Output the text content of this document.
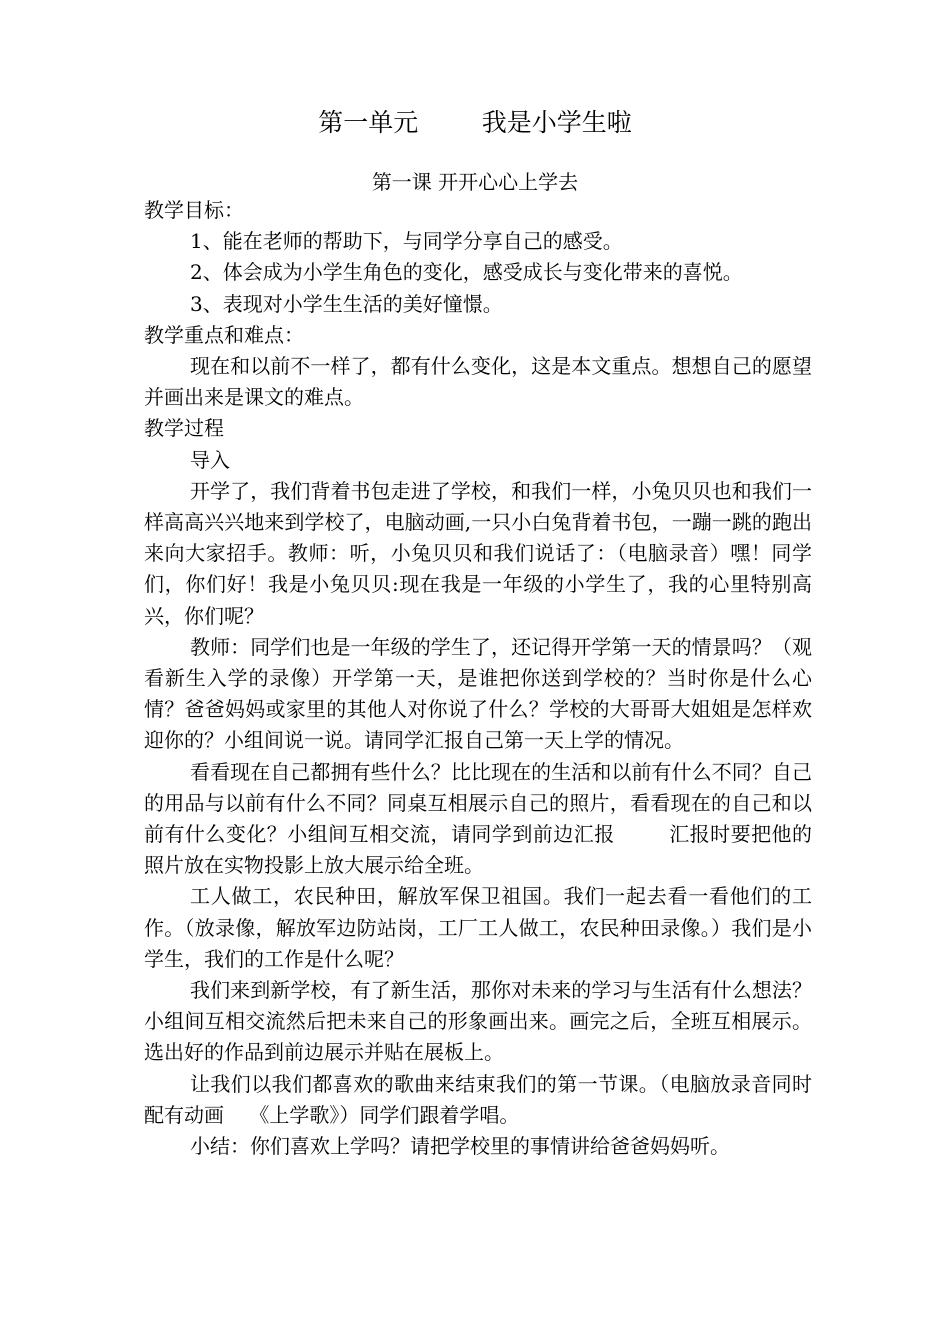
第一单元        我是小学生啦
第一课 开开心心上学去

教学目标：

1、能在老师的帮助下，与同学分享自己的感受。

2、体会成为小学生角色的变化，感受成长与变化带来的喜悦。

3、表现对小学生生活的美好憧憬。

教学重点和难点：

现在和以前不一样了，都有什么变化，这是本文重点。想想自己的愿望并画出来是课文的难点。

教学过程

导入

开学了，我们背着书包走进了学校，和我们一样，小兔贝贝也和我们一样高高兴兴地来到学校了，电脑动画,一只小白兔背着书包，一蹦一跳的跑出来向大家招手。教师：听，小兔贝贝和我们说话了：（电脑录音）嘿！同学们，你们好！我是小兔贝贝:现在我是一年级的小学生了，我的心里特别高兴，你们呢？

教师：同学们也是一年级的学生了，还记得开学第一天的情景吗？（观看新生入学的录像）开学第一天，是谁把你送到学校的？当时你是什么心情？爸爸妈妈或家里的其他人对你说了什么？学校的大哥哥大姐姐是怎样欢迎你的？小组间说一说。请同学汇报自己第一天上学的情况。

看看现在自己都拥有些什么？比比现在的生活和以前有什么不同？自己的用品与以前有什么不同？同桌互相展示自己的照片，看看现在的自己和以前有什么变化？小组间互相交流，请同学到前边汇报        汇报时要把他的照片放在实物投影上放大展示给全班。

工人做工，农民种田，解放军保卫祖国。我们一起去看一看他们的工作。（放录像，解放军边防站岗，工厂工人做工，农民种田录像。）我们是小学生，我们的工作是什么呢？

我们来到新学校，有了新生活，那你对未来的学习与生活有什么想法？小组间互相交流然后把未来自己的形象画出来。画完之后，全班互相展示。选出好的作品到前边展示并贴在展板上。

让我们以我们都喜欢的歌曲来结束我们的第一节课。（电脑放录音同时配有动画    《上学歌》）同学们跟着学唱。

小结：你们喜欢上学吗？请把学校里的事情讲给爸爸妈妈听。
